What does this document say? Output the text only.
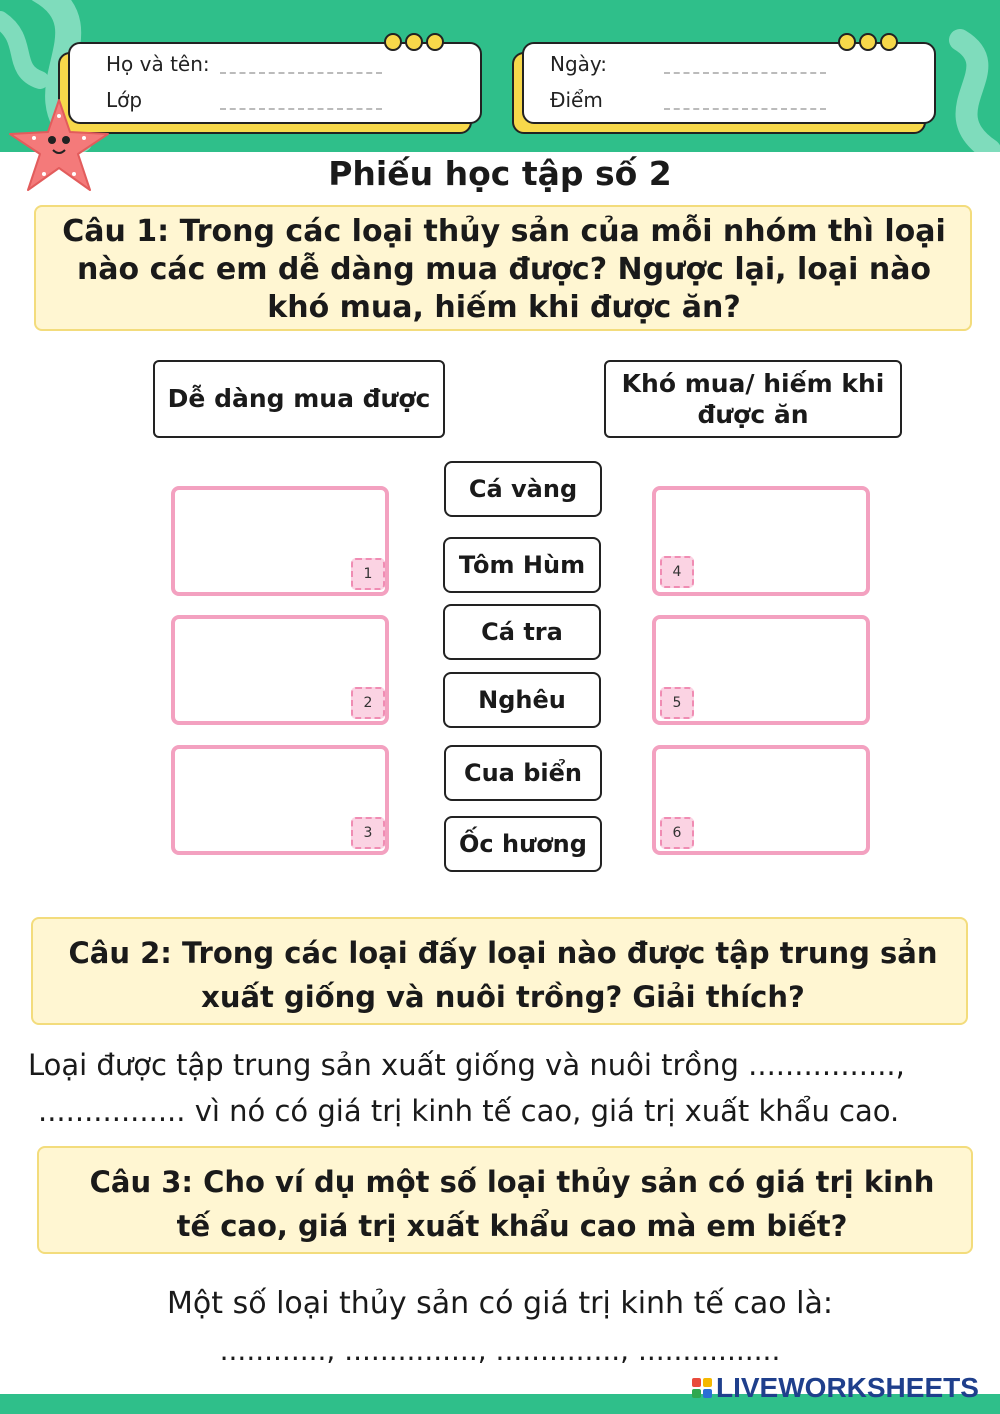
Họ và tên:
Lớp
Ngày:
Điểm
Phiếu học tập số 2
Câu 1: Trong các loại thủy sản của mỗi nhóm thì loại nào các em dễ dàng mua được? Ngược lại, loại nào khó mua, hiếm khi được ăn?
Dễ dàng mua được
Khó mua/ hiếm khi được ăn
1
2
3
4
5
6
Cá vàng
Tôm Hùm
Cá tra
Nghêu
Cua biển
Ốc hương
Câu 2: Trong các loại đấy loại nào được tập trung sản xuất giống và nuôi trồng? Giải thích?
Loại được tập trung sản xuất giống và nuôi trồng ................,
................ vì nó có giá trị kinh tế cao, giá trị xuất khẩu cao.
Câu 3: Cho ví dụ một số loại thủy sản có giá trị kinh tế cao, giá trị xuất khẩu cao mà em biết?
Một số loại thủy sản có giá trị kinh tế cao là:
............, ..............., .............., ................
LIVEWORKSHEETS
